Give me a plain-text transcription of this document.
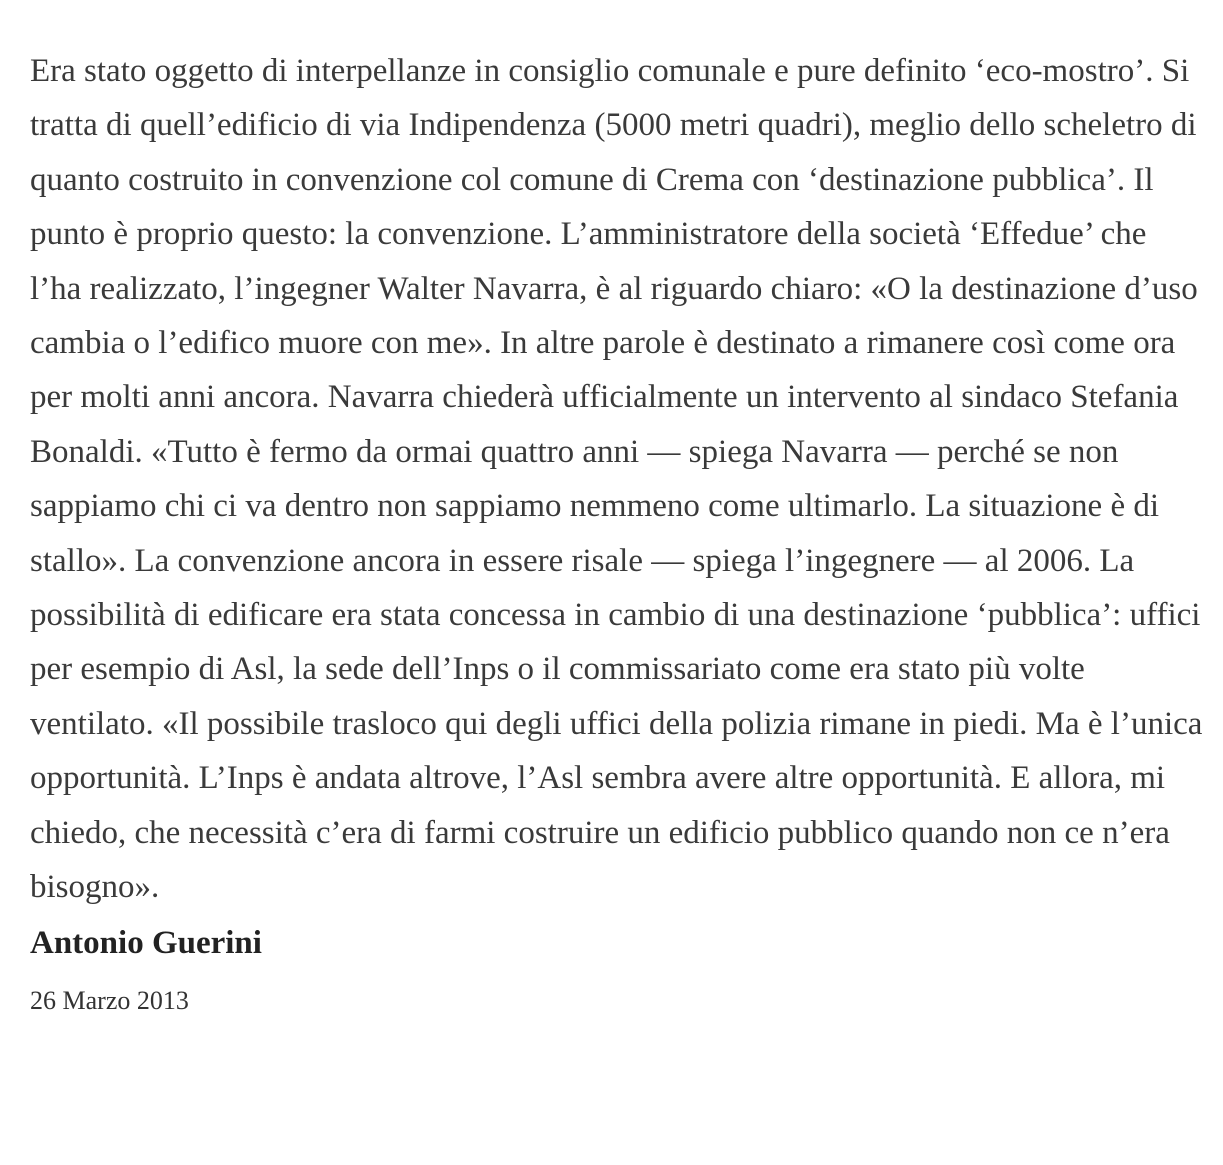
Era stato oggetto di interpellanze in consiglio comunale e pure definito ‘eco-mostro’. Si tratta di quell’edificio di via Indipendenza (5000 metri quadri), meglio dello scheletro di quanto costruito in convenzione col comune di Crema con ‘destinazione pubblica’. Il punto è proprio questo: la convenzione. L’amministratore della società ‘Effedue’ che l’ha realizzato, l’ingegner Walter Navarra, è al riguardo chiaro: «O la destinazione d’uso cambia o l’edifico muore con me». In altre parole è destinato a rimanere così come ora per molti anni ancora. Navarra chiederà ufficialmente un intervento al sindaco Stefania Bonaldi. «Tutto è fermo da ormai quattro anni — spiega Navarra — perché se non sappiamo chi ci va dentro non sappiamo nemmeno come ultimarlo. La situazione è di stallo». La convenzione ancora in essere risale — spiega l’ingegnere — al 2006. La possibilità di edificare era stata concessa in cambio di una destinazione ‘pubblica’: uffici per esempio di Asl, la sede dell’Inps o il commissariato come era stato più volte ventilato. «Il possibile trasloco qui degli uffici della polizia rimane in piedi. Ma è l’unica opportunità. L’Inps è andata altrove, l’Asl sembra avere altre opportunità. E allora, mi chiedo, che necessità c’era di farmi costruire un edificio pubblico quando non ce n’era bisogno».

Antonio Guerini

26 Marzo 2013
